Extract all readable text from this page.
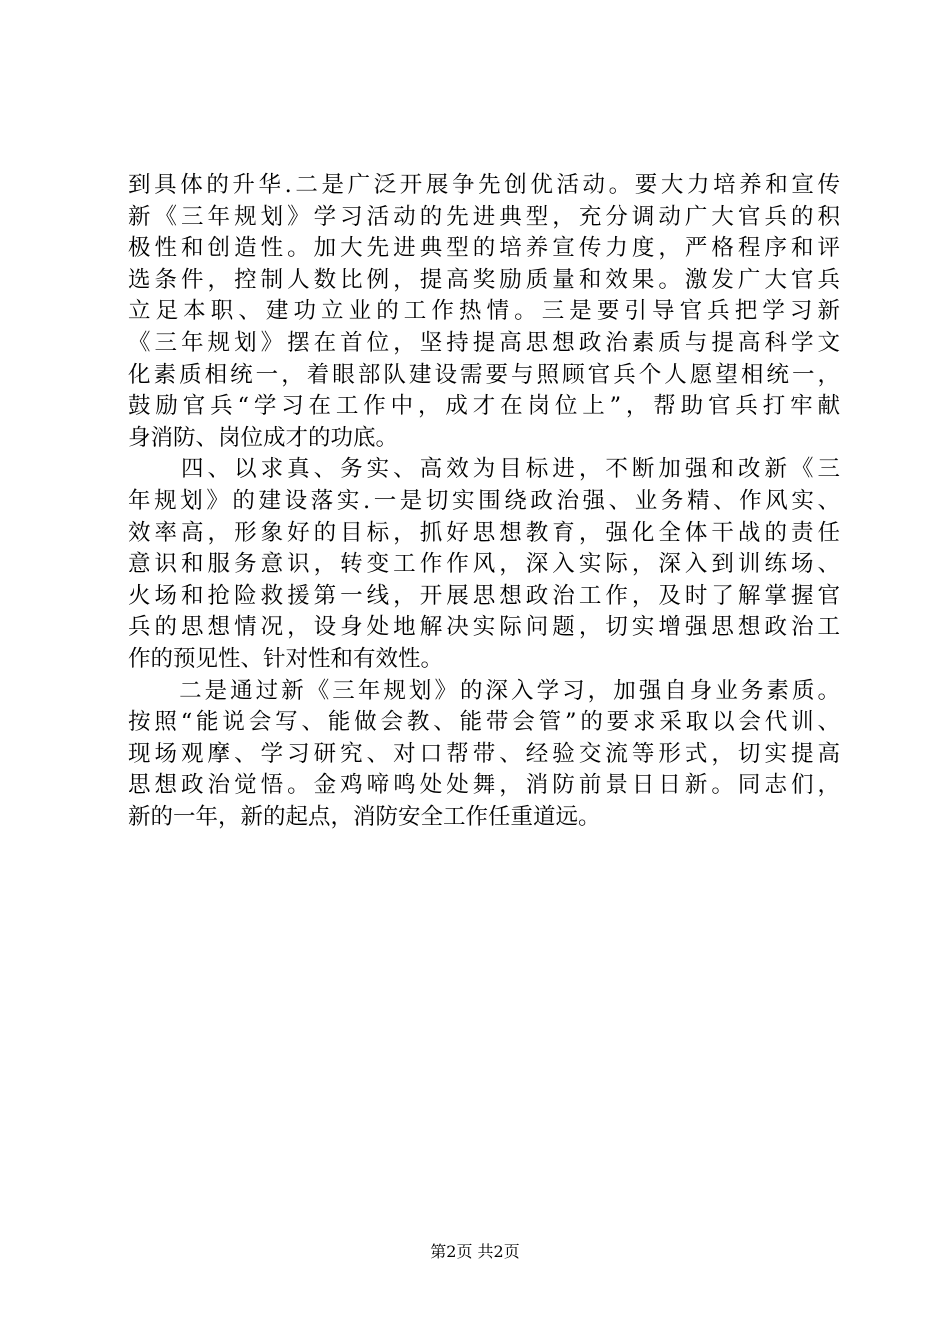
到具体的升华.二是广泛开展争先创优活动。要大力培养和宣传
新《三年规划》学习活动的先进典型，充分调动广大官兵的积
极性和创造性。加大先进典型的培养宣传力度，严格程序和评
选条件，控制人数比例，提高奖励质量和效果。激发广大官兵
立足本职、建功立业的工作热情。三是要引导官兵把学习新
《三年规划》摆在首位，坚持提高思想政治素质与提高科学文
化素质相统一，着眼部队建设需要与照顾官兵个人愿望相统一，
鼓励官兵“学习在工作中，成才在岗位上”，帮助官兵打牢献
身消防、岗位成才的功底。
　　四、以求真、务实、高效为目标进，不断加强和改新《三
年规划》的建设落实.一是切实围绕政治强、业务精、作风实、
效率高，形象好的目标，抓好思想教育，强化全体干战的责任
意识和服务意识，转变工作作风，深入实际，深入到训练场、
火场和抢险救援第一线，开展思想政治工作，及时了解掌握官
兵的思想情况，设身处地解决实际问题，切实增强思想政治工
作的预见性、针对性和有效性。
　　二是通过新《三年规划》的深入学习，加强自身业务素质。
按照“能说会写、能做会教、能带会管”的要求采取以会代训、
现场观摩、学习研究、对口帮带、经验交流等形式，切实提高
思想政治觉悟。金鸡啼鸣处处舞，消防前景日日新。同志们，
新的一年，新的起点，消防安全工作任重道远。
第2页 共2页
